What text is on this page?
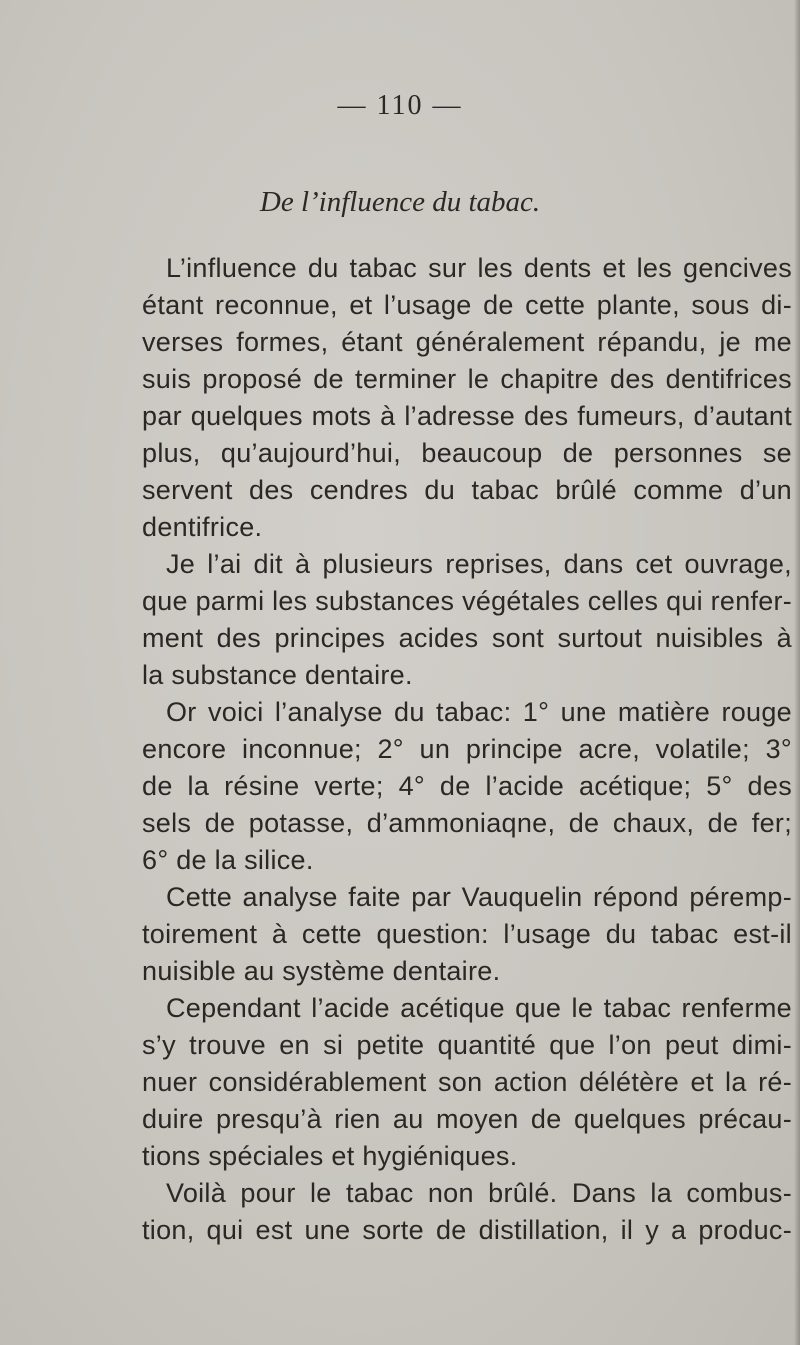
— 110 —
De l’influence du tabac.
L’influence du tabac sur les dents et les gencives
étant reconnue, et l’usage de cette plante, sous di-
verses formes, étant généralement répandu, je me
suis proposé de terminer le chapitre des dentifrices
par quelques mots à l’adresse des fumeurs, d’autant
plus, qu’aujourd’hui, beaucoup de personnes se
servent des cendres du tabac brûlé comme d’un
dentifrice.
Je l’ai dit à plusieurs reprises, dans cet ouvrage,
que parmi les substances végétales celles qui renfer-
ment des principes acides sont surtout nuisibles à
la substance dentaire.
Or voici l’analyse du tabac: 1° une matière rouge
encore inconnue; 2° un principe acre, volatile; 3°
de la résine verte; 4° de l’acide acétique; 5° des
sels de potasse, d’ammoniaqne, de chaux, de fer;
6° de la silice.
Cette analyse faite par Vauquelin répond péremp-
toirement à cette question: l’usage du tabac est-il
nuisible au système dentaire.
Cependant l’acide acétique que le tabac renferme
s’y trouve en si petite quantité que l’on peut dimi-
nuer considérablement son action délétère et la ré-
duire presqu’à rien au moyen de quelques précau-
tions spéciales et hygiéniques.
Voilà pour le tabac non brûlé. Dans la combus-
tion, qui est une sorte de distillation, il y a produc-
